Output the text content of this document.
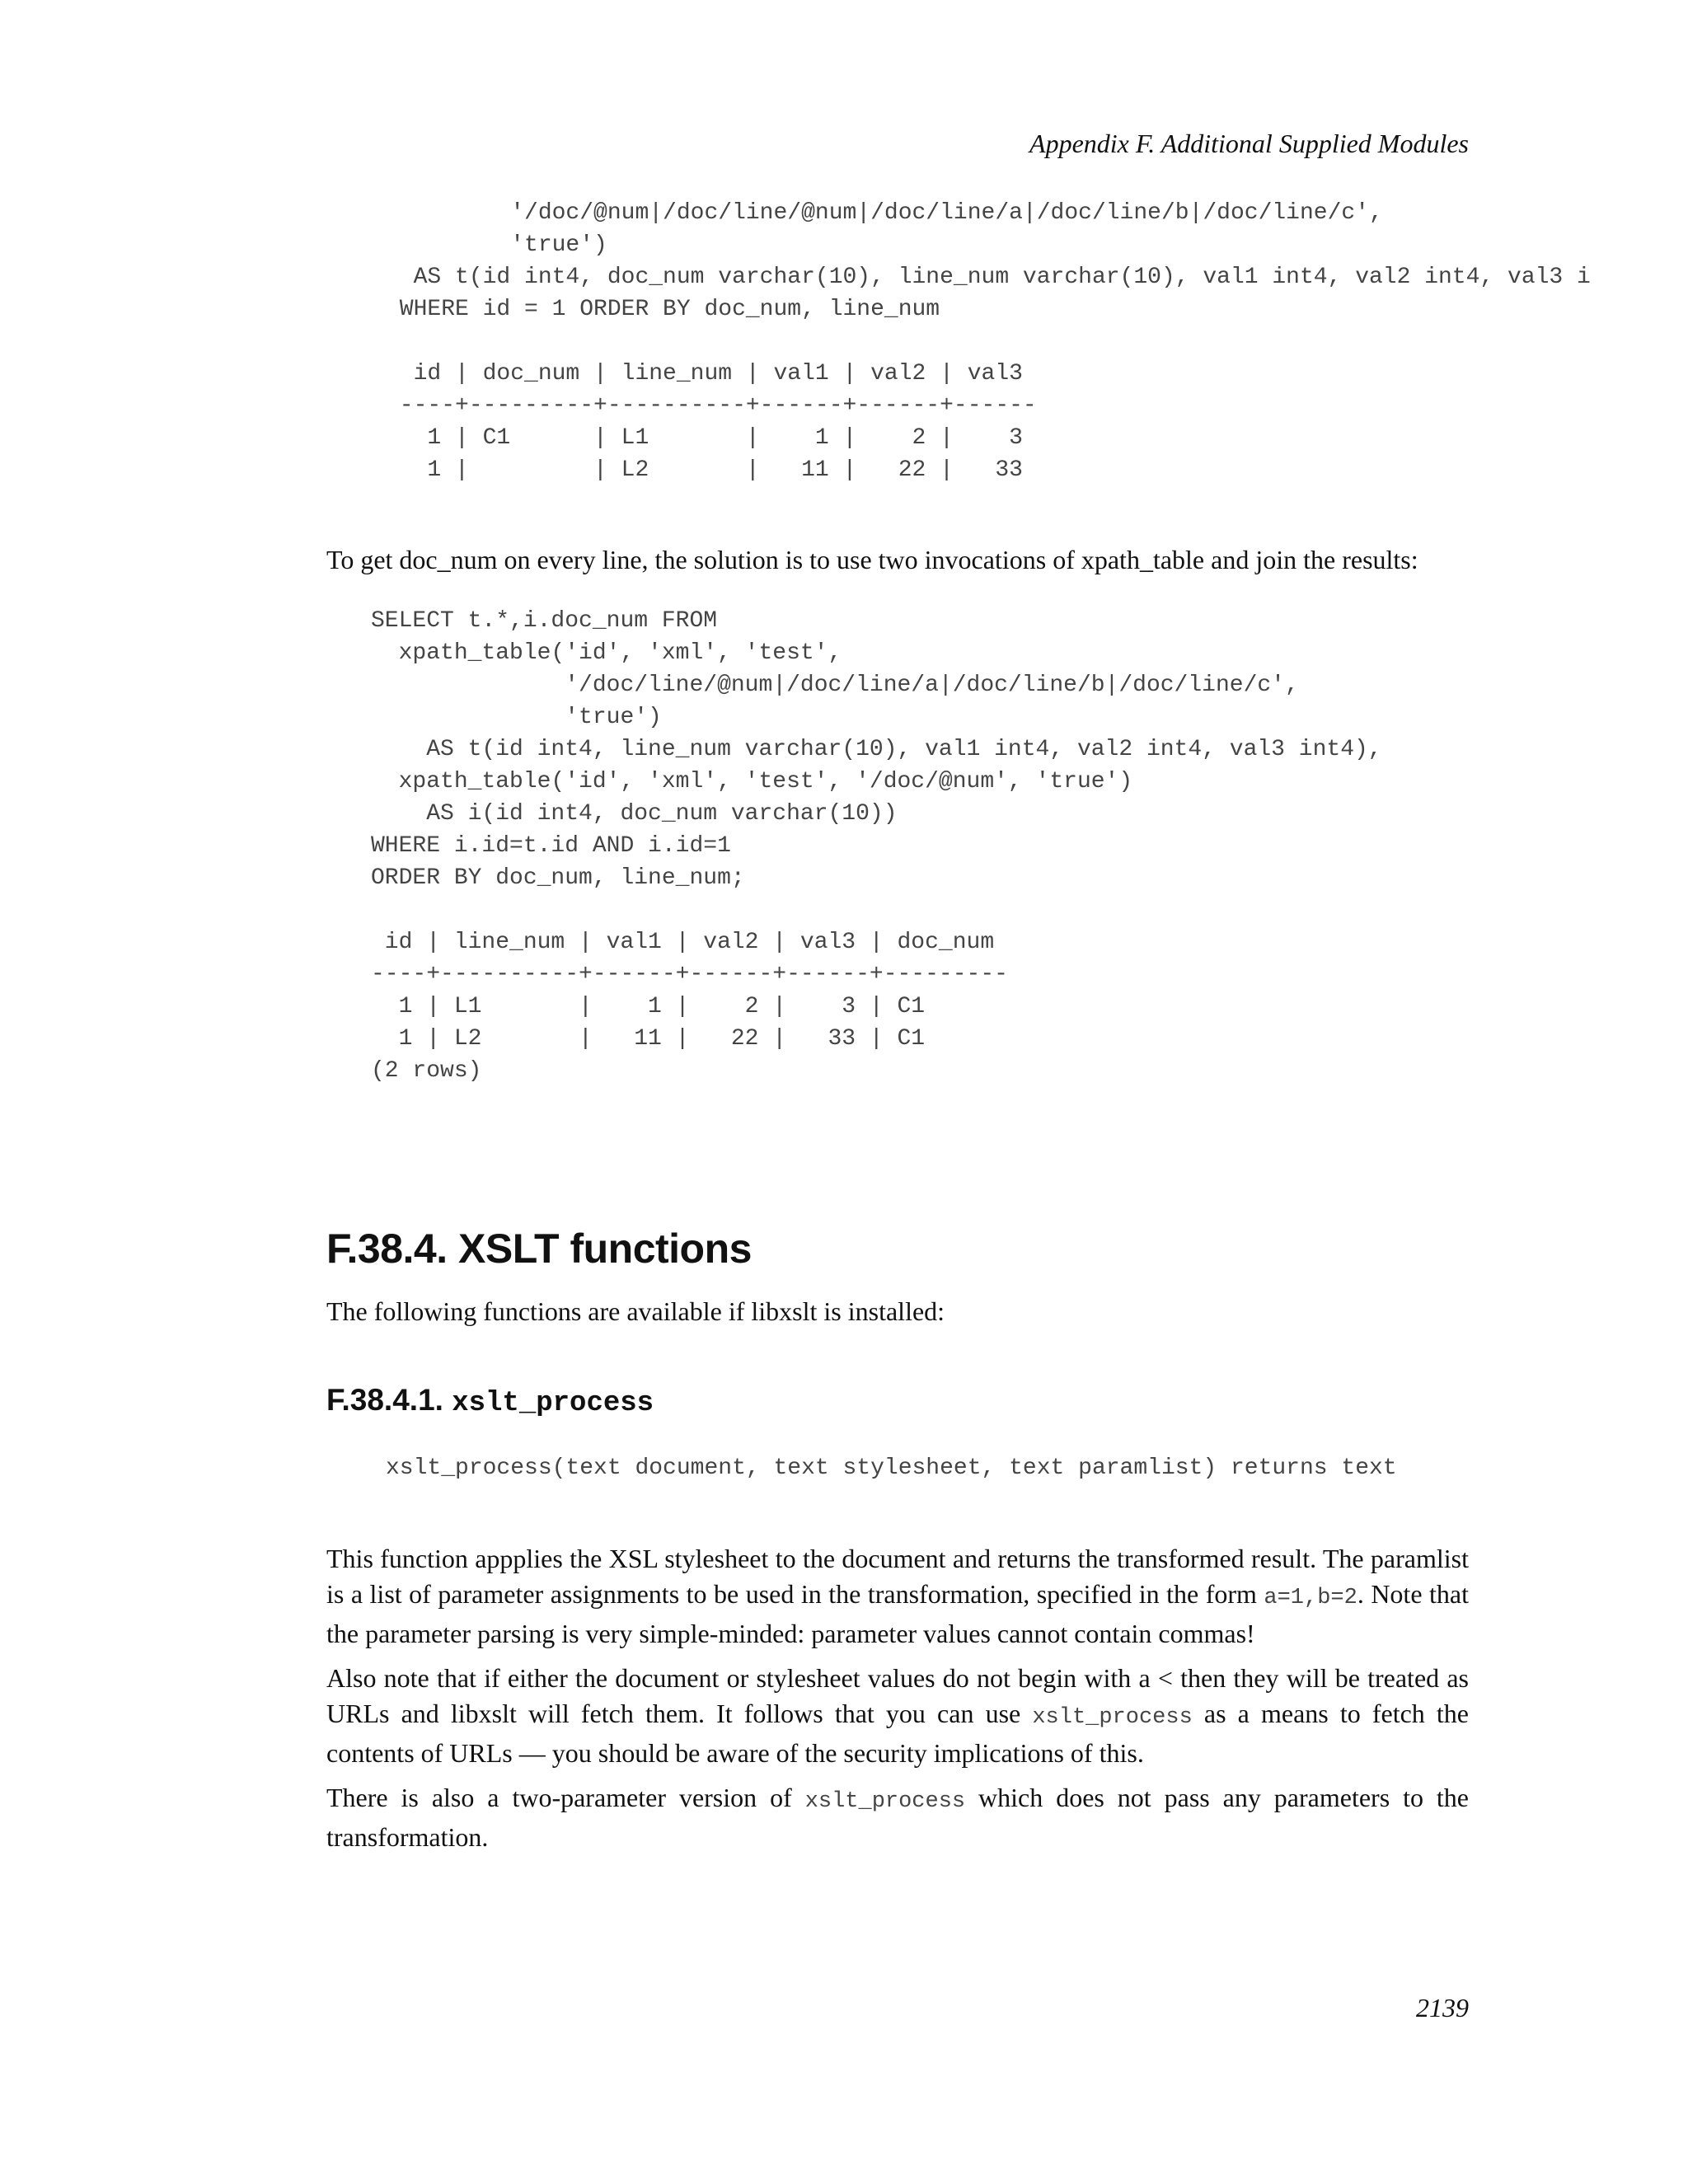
Appendix F. Additional Supplied Modules

'/doc/@num|/doc/line/@num|/doc/line/a|/doc/line/b|/doc/line/c',
'true')
AS t(id int4, doc_num varchar(10), line_num varchar(10), val1 int4, val2 int4, val3 i
WHERE id = 1 ORDER BY doc_num, line_num

id | doc_num | line_num | val1 | val2 | val3
----+---------+----------+------+------+------
1 | C1      | L1       |    1 |    2 |    3
1 |         | L2       |   11 |   22 |   33

To get doc_num on every line, the solution is to use two invocations of xpath_table and join the results:

SELECT t.*,i.doc_num FROM
xpath_table('id', 'xml', 'test',
'/doc/line/@num|/doc/line/a|/doc/line/b|/doc/line/c',
'true')
AS t(id int4, line_num varchar(10), val1 int4, val2 int4, val3 int4),
xpath_table('id', 'xml', 'test', '/doc/@num', 'true')
AS i(id int4, doc_num varchar(10))
WHERE i.id=t.id AND i.id=1
ORDER BY doc_num, line_num;

id | line_num | val1 | val2 | val3 | doc_num
----+----------+------+------+------+---------
1 | L1       |    1 |    2 |    3 | C1
1 | L2       |   11 |   22 |   33 | C1
(2 rows)
F.38.4. XSLT functions

The following functions are available if libxslt is installed:

F.38.4.1. xslt_process
xslt_process(text document, text stylesheet, text paramlist) returns text

This function appplies the XSL stylesheet to the document and returns the transformed result. The paramlist is a list of parameter assignments to be used in the transformation, specified in the form a=1,b=2. Note that the parameter parsing is very simple-minded: parameter values cannot contain commas!

Also note that if either the document or stylesheet values do not begin with a < then they will be treated as URLs and libxslt will fetch them. It follows that you can use xslt_process as a means to fetch the contents of URLs — you should be aware of the security implications of this.

There is also a two-parameter version of xslt_process which does not pass any parameters to the transformation.

2139
